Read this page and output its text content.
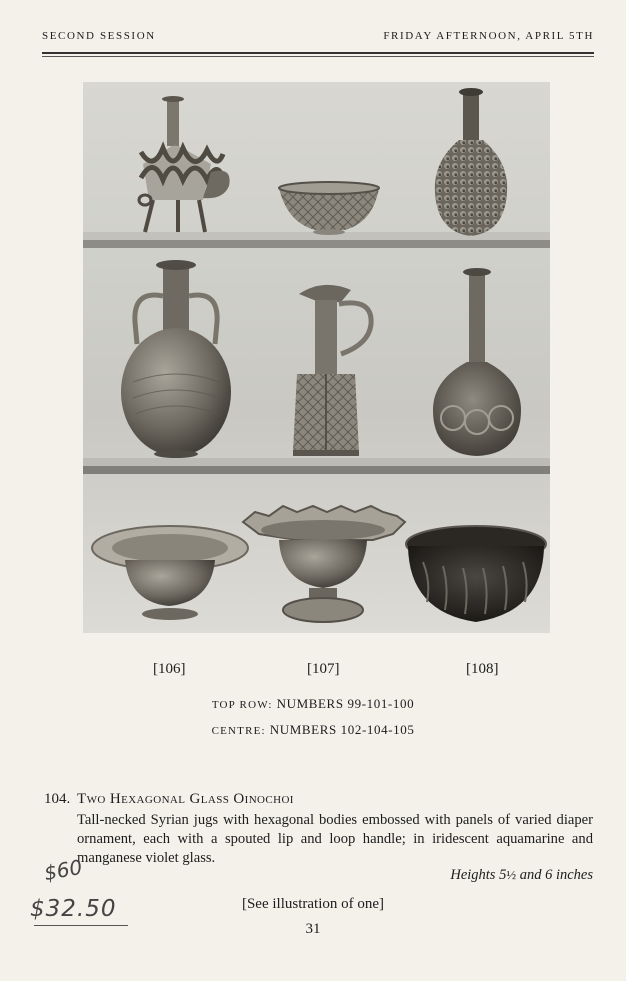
SECOND SESSION	FRIDAY AFTERNOON, APRIL 5TH
[106]	[107]	[108]
TOP ROW: NUMBERS 99-101-100
CENTRE: NUMBERS 102-104-105
104. Two Hexagonal Glass Oinochoi
Tall-necked Syrian jugs with hexagonal bodies embossed with panels of varied diaper ornament, each with a spouted lip and loop handle; in iridescent aquamarine and manganese violet glass.
Heights 5½ and 6 inches
[See illustration of one]
31
$60
$32.50
